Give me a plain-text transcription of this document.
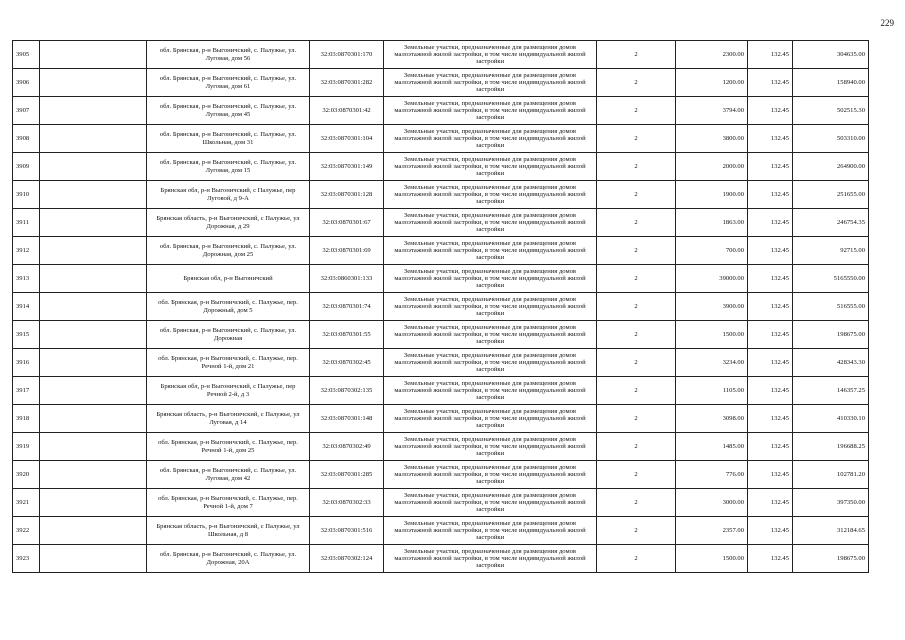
229
3905		обл. Брянская, р-н Выгоничский, с. Палужье, ул. Луговая, дом 56	32:03:0870301:170	Земельные участки, предназначенные для размещения домов малоэтажной жилой застройки, в том числе индивидуальной жилой застройки	2	2300.00	132.45	304635.00
3906		обл. Брянская, р-н Выгоничский, с. Палужье, ул. Луговая, дом 61	32:03:0870301:282	Земельные участки, предназначенные для размещения домов малоэтажной жилой застройки, в том числе индивидуальной жилой застройки	2	1200.00	132.45	158940.00
3907		обл. Брянская, р-н Выгоничский, с. Палужье, ул. Луговая, дом 45	32:03:0870301:42	Земельные участки, предназначенные для размещения домов малоэтажной жилой застройки, в том числе индивидуальной жилой застройки	2	3794.00	132.45	502515.30
3908		обл. Брянская, р-н Выгоничский, с. Палужье, ул. Школьная, дом 31	32:03:0870301:104	Земельные участки, предназначенные для размещения домов малоэтажной жилой застройки, в том числе индивидуальной жилой застройки	2	3800.00	132.45	503310.00
3909		обл. Брянская, р-н Выгоничский, с. Палужье, ул. Луговая, дом 15	32:03:0870301:149	Земельные участки, предназначенные для размещения домов малоэтажной жилой застройки, в том числе индивидуальной жилой застройки	2	2000.00	132.45	264900.00
3910		Брянская обл, р-н Выгоничский, с Палужье, пер Луговой, д 9-А	32:03:0870301:128	Земельные участки, предназначенные для размещения домов малоэтажной жилой застройки, в том числе индивидуальной жилой застройки	2	1900.00	132.45	251655.00
3911		Брянская область, р-н Выгоничский, с Палужье, ул Дорожная, д 29	32:03:0870301:67	Земельные участки, предназначенные для размещения домов малоэтажной жилой застройки, в том числе индивидуальной жилой застройки	2	1863.00	132.45	246754.35
3912		обл. Брянская, р-н Выгоничский, с. Палужье, ул. Дорожная, дом 25	32:03:0870301:69	Земельные участки, предназначенные для размещения домов малоэтажной жилой застройки, в том числе индивидуальной жилой застройки	2	700.00	132.45	92715.00
3913		Брянская обл, р-н Выгоничский	32:03:0860301:133	Земельные участки, предназначенные для размещения домов малоэтажной жилой застройки, в том числе индивидуальной жилой застройки	2	39000.00	132.45	5165550.00
3914		обл. Брянская, р-н Выгоничский, с. Палужье, пер. Дорожный, дом 5	32:03:0870301:74	Земельные участки, предназначенные для размещения домов малоэтажной жилой застройки, в том числе индивидуальной жилой застройки	2	3900.00	132.45	516555.00
3915		обл. Брянская, р-н Выгоничский, с. Палужье, ул. Дорожная	32:03:0870301:55	Земельные участки, предназначенные для размещения домов малоэтажной жилой застройки, в том числе индивидуальной жилой застройки	2	1500.00	132.45	198675.00
3916		обл. Брянская, р-н Выгоничский, с. Палужье, пер. Речной 1-й, дом 21	32:03:0870302:45	Земельные участки, предназначенные для размещения домов малоэтажной жилой застройки, в том числе индивидуальной жилой застройки	2	3234.00	132.45	428343.30
3917		Брянская обл, р-н Выгоничский, с Палужье, пер Речной 2-й, д 3	32:03:0870302:135	Земельные участки, предназначенные для размещения домов малоэтажной жилой застройки, в том числе индивидуальной жилой застройки	2	1105.00	132.45	146357.25
3918		Брянская область, р-н Выгоничский, с Палужье, ул Луговая, д 14	32:03:0870301:148	Земельные участки, предназначенные для размещения домов малоэтажной жилой застройки, в том числе индивидуальной жилой застройки	2	3098.00	132.45	410330.10
3919		обл. Брянская, р-н Выгоничский, с. Палужье, пер. Речной 1-й, дом 25	32:03:0870302:49	Земельные участки, предназначенные для размещения домов малоэтажной жилой застройки, в том числе индивидуальной жилой застройки	2	1485.00	132.45	196688.25
3920		обл. Брянская, р-н Выгоничский, с. Палужье, ул. Луговая, дом 42	32:03:0870301:285	Земельные участки, предназначенные для размещения домов малоэтажной жилой застройки, в том числе индивидуальной жилой застройки	2	776.00	132.45	102781.20
3921		обл. Брянская, р-н Выгоничский, с. Палужье, пер. Речной 1-й, дом 7	32:03:0870302:33	Земельные участки, предназначенные для размещения домов малоэтажной жилой застройки, в том числе индивидуальной жилой застройки	2	3000.00	132.45	397350.00
3922		Брянская область, р-н Выгоничский, с Палужье, ул Школьная, д 8	32:03:0870301:516	Земельные участки, предназначенные для размещения домов малоэтажной жилой застройки, в том числе индивидуальной жилой застройки	2	2357.00	132.45	312184.65
3923		обл. Брянская, р-н Выгоничский, с. Палужье, ул. Дорожная, 20А	32:03:0870302:124	Земельные участки, предназначенные для размещения домов малоэтажной жилой застройки, в том числе индивидуальной жилой застройки	2	1500.00	132.45	198675.00
